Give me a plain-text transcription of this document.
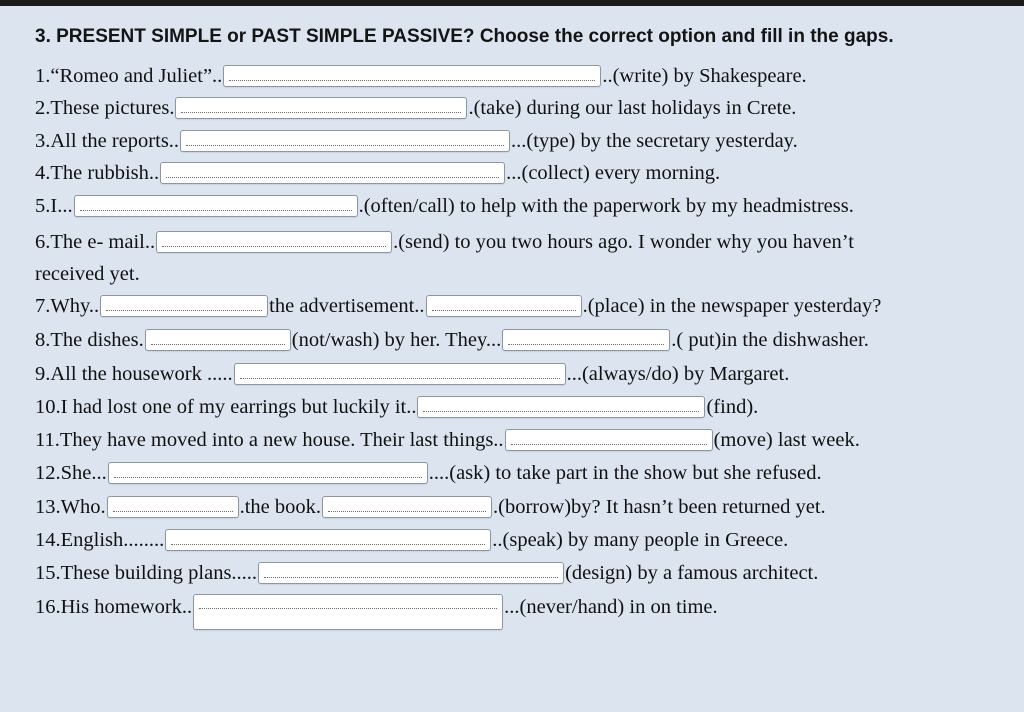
3. PRESENT SIMPLE or PAST SIMPLE PASSIVE? Choose the correct option and fill in the gaps.
1.“Romeo and Juliet”..	..(write) by Shakespeare.
2.These pictures.	.(take) during our last holidays in Crete.
3.All the reports..	...(type) by the secretary yesterday.
4.The rubbish..	...(collect) every morning.
5.I...	.(often/call) to help with the paperwork by my headmistress.
6.The e- mail..	.(send) to you two hours ago. I wonder why you haven’t
received yet.
7.Why..	the advertisement..	.(place) in the newspaper yesterday?
8.The dishes.	(not/wash) by her. They...	.( put)in the dishwasher.
9.All the housework .....	...(always/do) by Margaret.
10.I had lost one of my earrings but luckily it..	(find).
11.They have moved into a new house. Their last things..	(move) last week.
12.She...	....(ask) to take part in the show but she refused.
13.Who.	.the book.	.(borrow)by? It hasn’t been returned yet.
14.English........	..(speak) by many people in Greece.
15.These building plans.....	(design) by a famous architect.
16.His homework..	...(never/hand) in on time.
